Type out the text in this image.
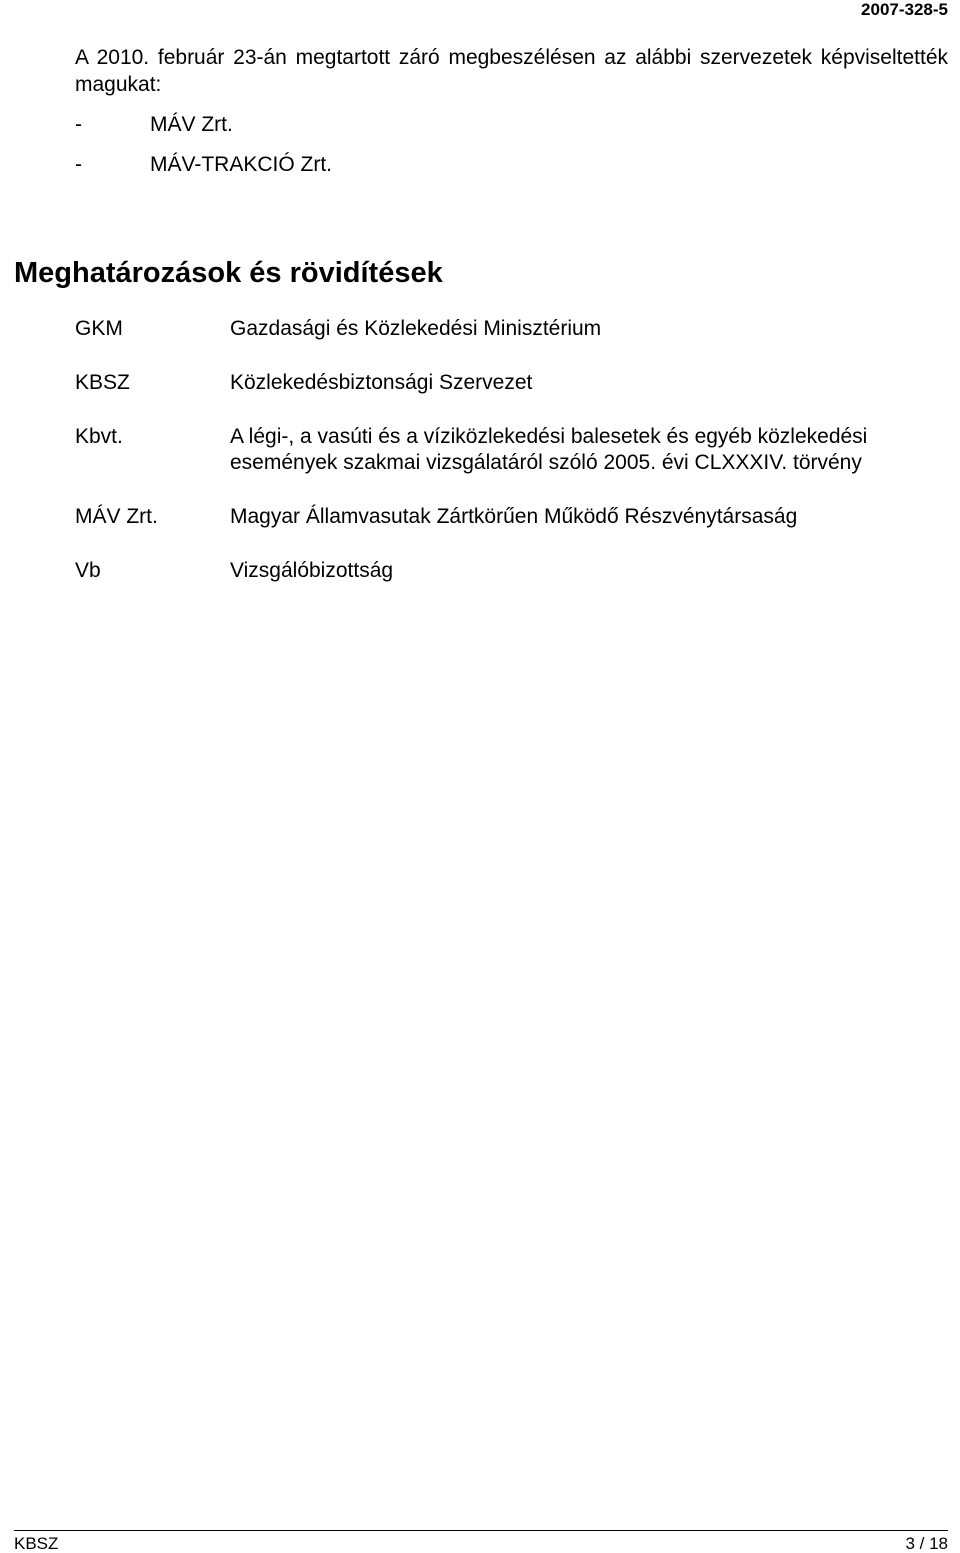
2007-328-5

A 2010. február 23-án megtartott záró megbeszélésen az alábbi szervezetek képviseltették magukat:

-	MÁV Zrt.
-	MÁV-TRAKCIÓ Zrt.
Meghatározások és rövidítések
GKM	Gazdasági és Közlekedési Minisztérium
KBSZ	Közlekedésbiztonsági Szervezet
Kbvt.	A légi-, a vasúti és a víziközlekedési balesetek és egyéb közlekedési események szakmai vizsgálatáról szóló 2005. évi CLXXXIV. törvény
MÁV Zrt.	Magyar Államvasutak Zártkörűen Működő Részvénytársaság
Vb	Vizsgálóbizottság
KBSZ	3 / 18
